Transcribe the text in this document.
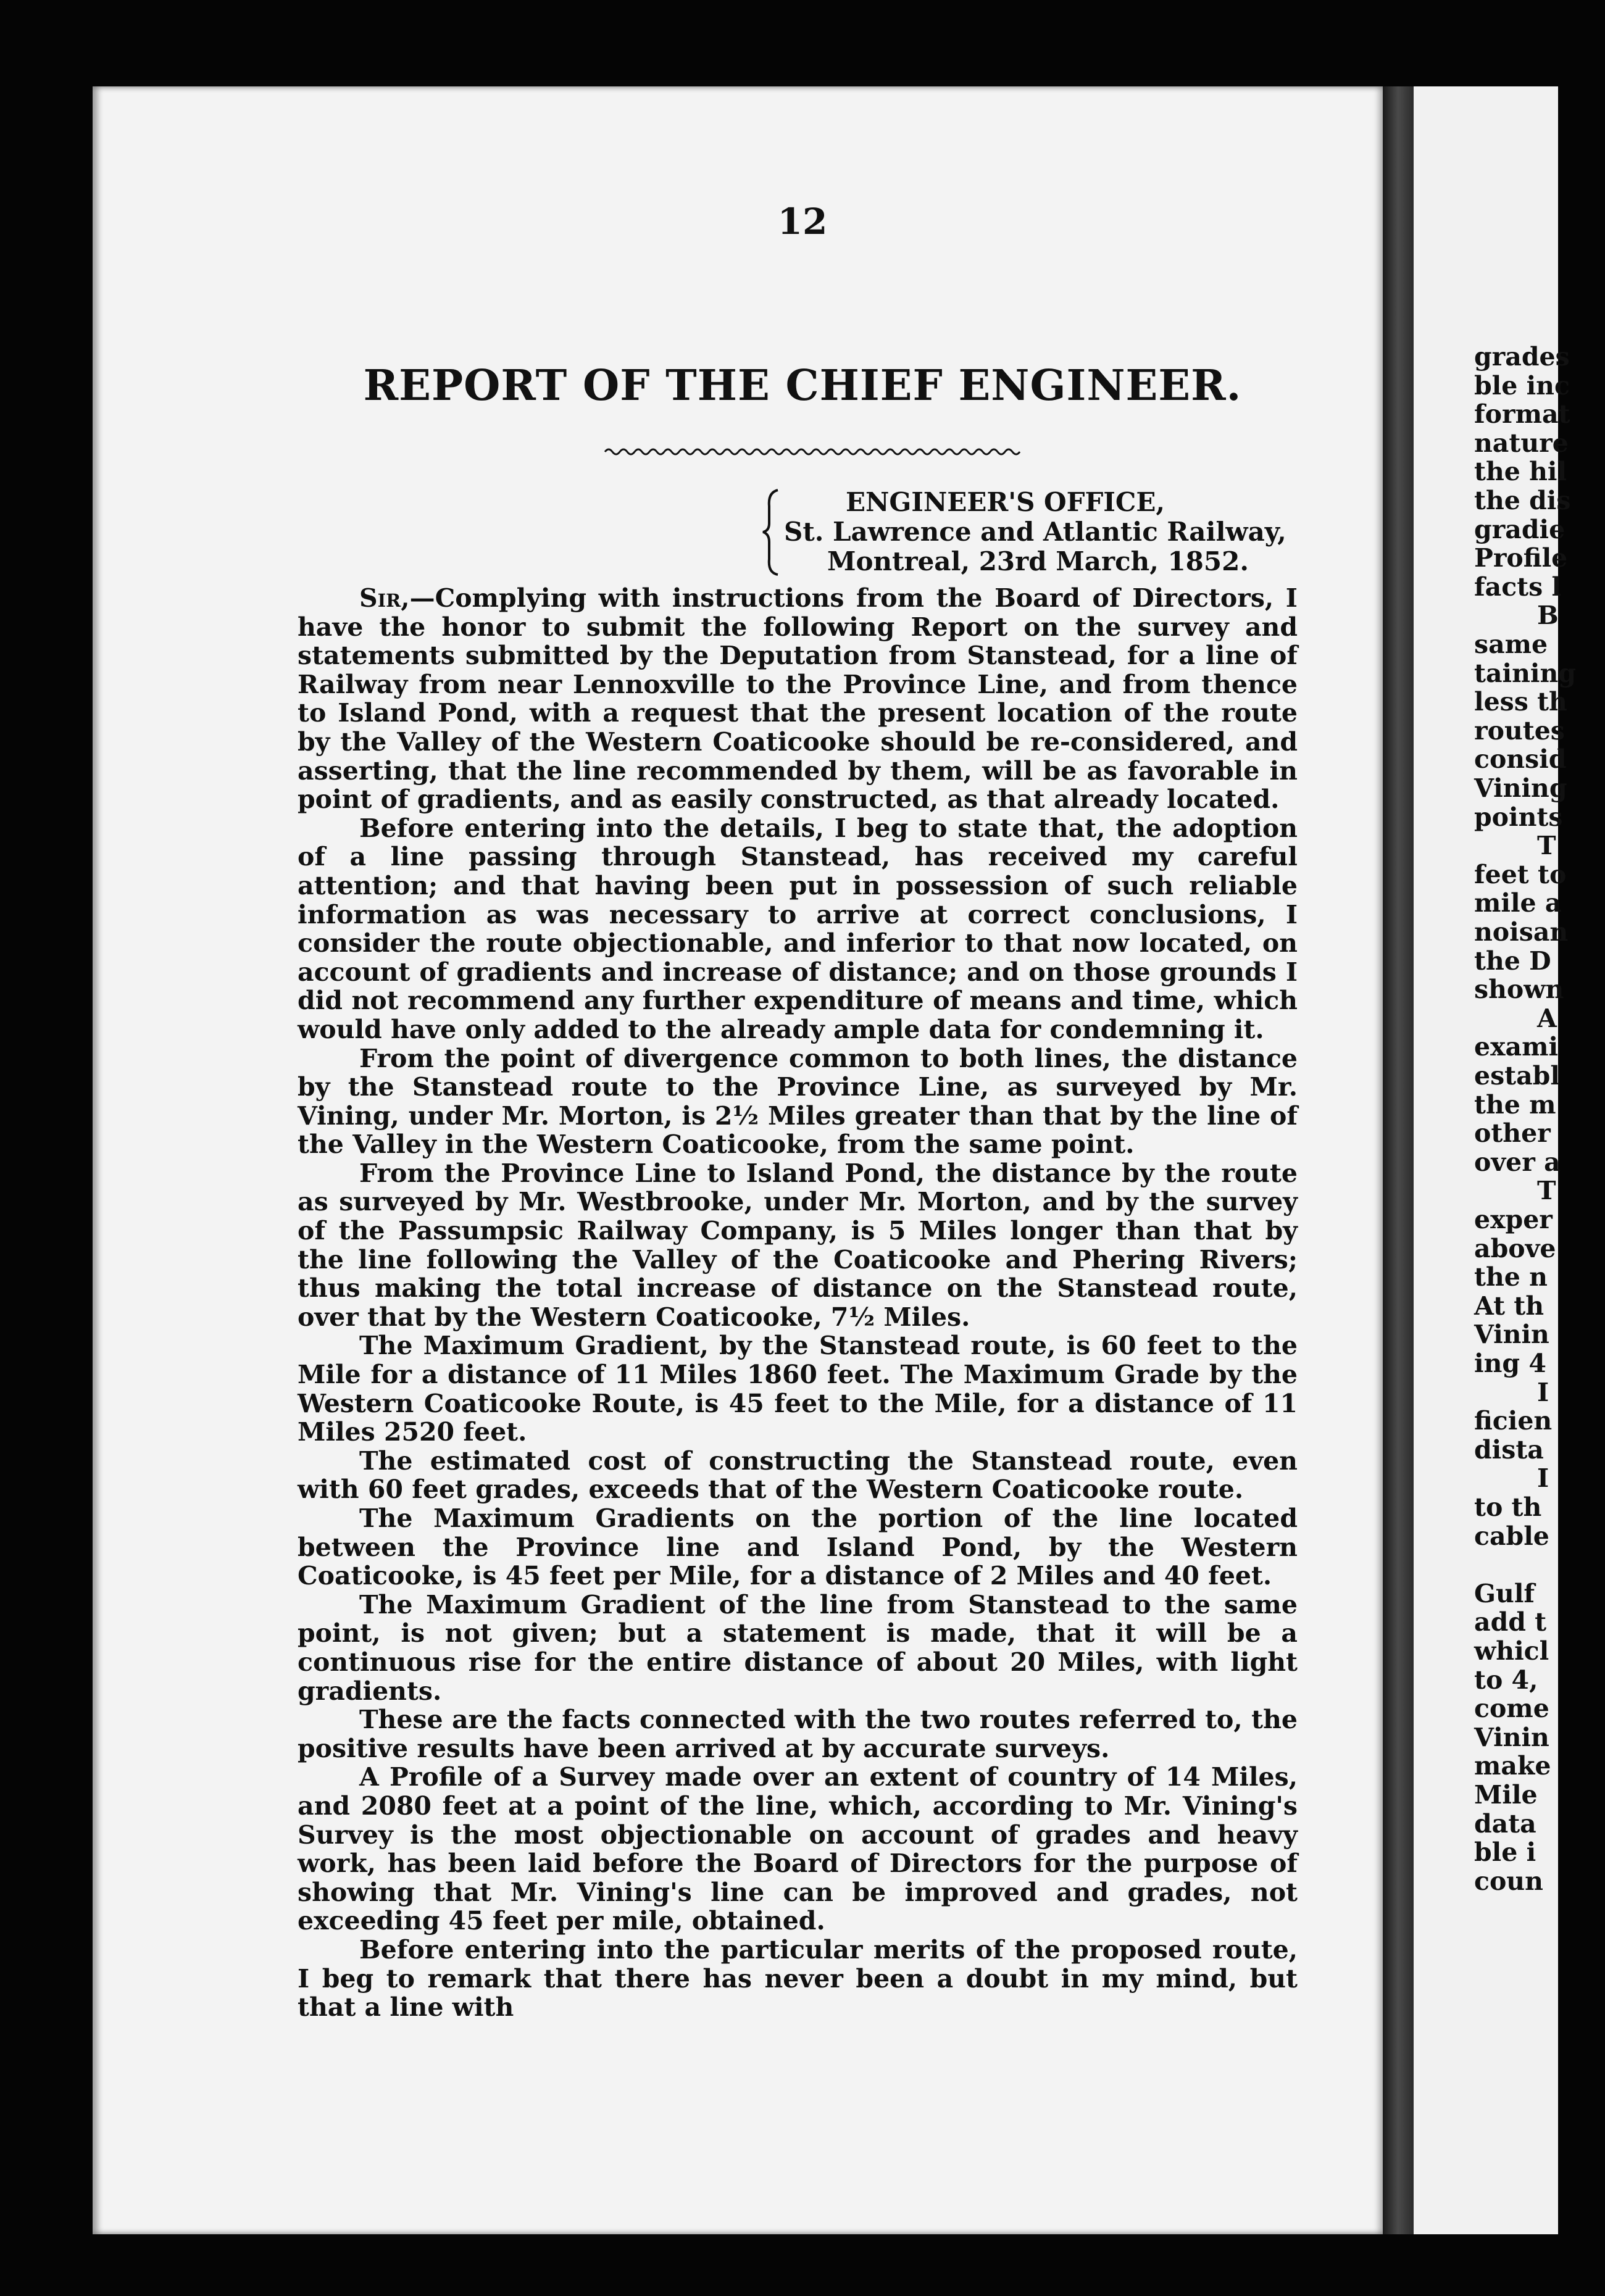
12
REPORT OF THE CHIEF ENGINEER.
ENGINEER'S OFFICE,
St. Lawrence and Atlantic Railway,
Montreal, 23rd March, 1852.

Sir,—Complying with instructions from the Board of Directors, I have the honor to submit the following Report on the survey and statements submitted by the Deputation from Stanstead, for a line of Railway from near Lennoxville to the Province Line, and from thence to Island Pond, with a request that the present location of the route by the Valley of the Western Coaticooke should be re-considered, and asserting, that the line recommended by them, will be as favorable in point of gradients, and as easily constructed, as that already located.

Before entering into the details, I beg to state that, the adoption of a line passing through Stanstead, has received my careful attention; and that having been put in possession of such reliable information as was necessary to arrive at correct conclusions, I consider the route objectionable, and inferior to that now located, on account of gradients and increase of distance; and on those grounds I did not recommend any further expenditure of means and time, which would have only added to the already ample data for condemning it.

From the point of divergence common to both lines, the distance by the Stanstead route to the Province Line, as surveyed by Mr. Vining, under Mr. Morton, is 2½ Miles greater than that by the line of the Valley in the Western Coaticooke, from the same point.

From the Province Line to Island Pond, the distance by the route as surveyed by Mr. Westbrooke, under Mr. Morton, and by the survey of the Passumpsic Railway Company, is 5 Miles longer than that by the line following the Valley of the Coaticooke and Phering Rivers; thus making the total increase of distance on the Stanstead route, over that by the Western Coaticooke, 7½ Miles.

The Maximum Gradient, by the Stanstead route, is 60 feet to the Mile for a distance of 11 Miles 1860 feet. The Maximum Grade by the Western Coaticooke Route, is 45 feet to the Mile, for a distance of 11 Miles 2520 feet.

The estimated cost of constructing the Stanstead route, even with 60 feet grades, exceeds that of the Western Coaticooke route.

The Maximum Gradients on the portion of the line located between the Province line and Island Pond, by the Western Coaticooke, is 45 feet per Mile, for a distance of 2 Miles and 40 feet.

The Maximum Gradient of the line from Stanstead to the same point, is not given; but a statement is made, that it will be a continuous rise for the entire distance of about 20 Miles, with light gradients.

These are the facts connected with the two routes referred to, the positive results have been arrived at by accurate surveys.

A Profile of a Survey made over an extent of country of 14 Miles, and 2080 feet at a point of the line, which, according to Mr. Vining's Survey is the most objectionable on account of grades and heavy work, has been laid before the Board of Directors for the purpose of showing that Mr. Vining's line can be improved and grades, not exceeding 45 feet per mile, obtained.

Before entering into the particular merits of the proposed route, I beg to remark that there has never been a doubt in my mind, but that a line with

grades
ble inc
format
nature
the hil
the dis
gradie
Profile
facts l
B
same
taining
less th
routes
consid
Vining
points
T
feet to
mile a
noisan
the D
shown
A
exami
establ
the m
other
over a
T
exper
above
the n
At th
Vinin
ing 4
I
ficien
dista
I
to th
cable
Gulf
add t
whicl
to 4,
come
Vinin
make
Mile
data
ble i
coun
